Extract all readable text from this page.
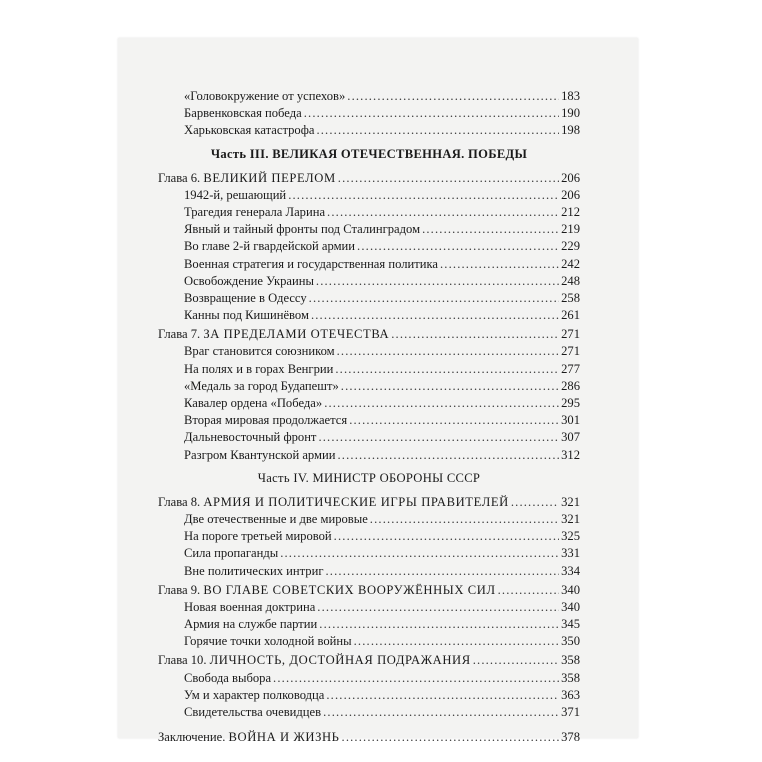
«Головокружение от успехов» . . .	183
Барвенковская победа . . .	190
Харьковская катастрофа . . .	198
Часть III. ВЕЛИКАЯ ОТЕЧЕСТВЕННАЯ. ПОБЕДЫ
Глава 6. ВЕЛИКИЙ ПЕРЕЛОМ . . .	206
1942-й, решающий . . .	206
Трагедия генерала Ларина . . .	212
Явный и тайный фронты под Сталинградом . . .	219
Во главе 2-й гвардейской армии . . .	229
Военная стратегия и государственная политика . . .	242
Освобождение Украины . . .	248
Возвращение в Одессу . . .	258
Канны под Кишинёвом . . .	261
Глава 7. ЗА ПРЕДЕЛАМИ ОТЕЧЕСТВА . . .	271
Враг становится союзником . . .	271
На полях и в горах Венгрии . . .	277
«Медаль за город Будапешт» . . .	286
Кавалер ордена «Победа» . . .	295
Вторая мировая продолжается . . .	301
Дальневосточный фронт . . .	307
Разгром Квантунской армии . . .	312
Часть IV. МИНИСТР ОБОРОНЫ СССР
Глава 8. АРМИЯ И ПОЛИТИЧЕСКИЕ ИГРЫ ПРАВИТЕЛЕЙ . . .	321
Две отечественные и две мировые . . .	321
На пороге третьей мировой . . .	325
Сила пропаганды . . .	331
Вне политических интриг . . .	334
Глава 9. ВО ГЛАВЕ СОВЕТСКИХ ВООРУЖЁННЫХ СИЛ . . .	340
Новая военная доктрина . . .	340
Армия на службе партии . . .	345
Горячие точки холодной войны . . .	350
Глава 10. ЛИЧНОСТЬ, ДОСТОЙНАЯ ПОДРАЖАНИЯ . . .	358
Свобода выбора . . .	358
Ум и характер полководца . . .	363
Свидетельства очевидцев . . .	371
Заключение. ВОЙНА И ЖИЗНЬ . . .	378
